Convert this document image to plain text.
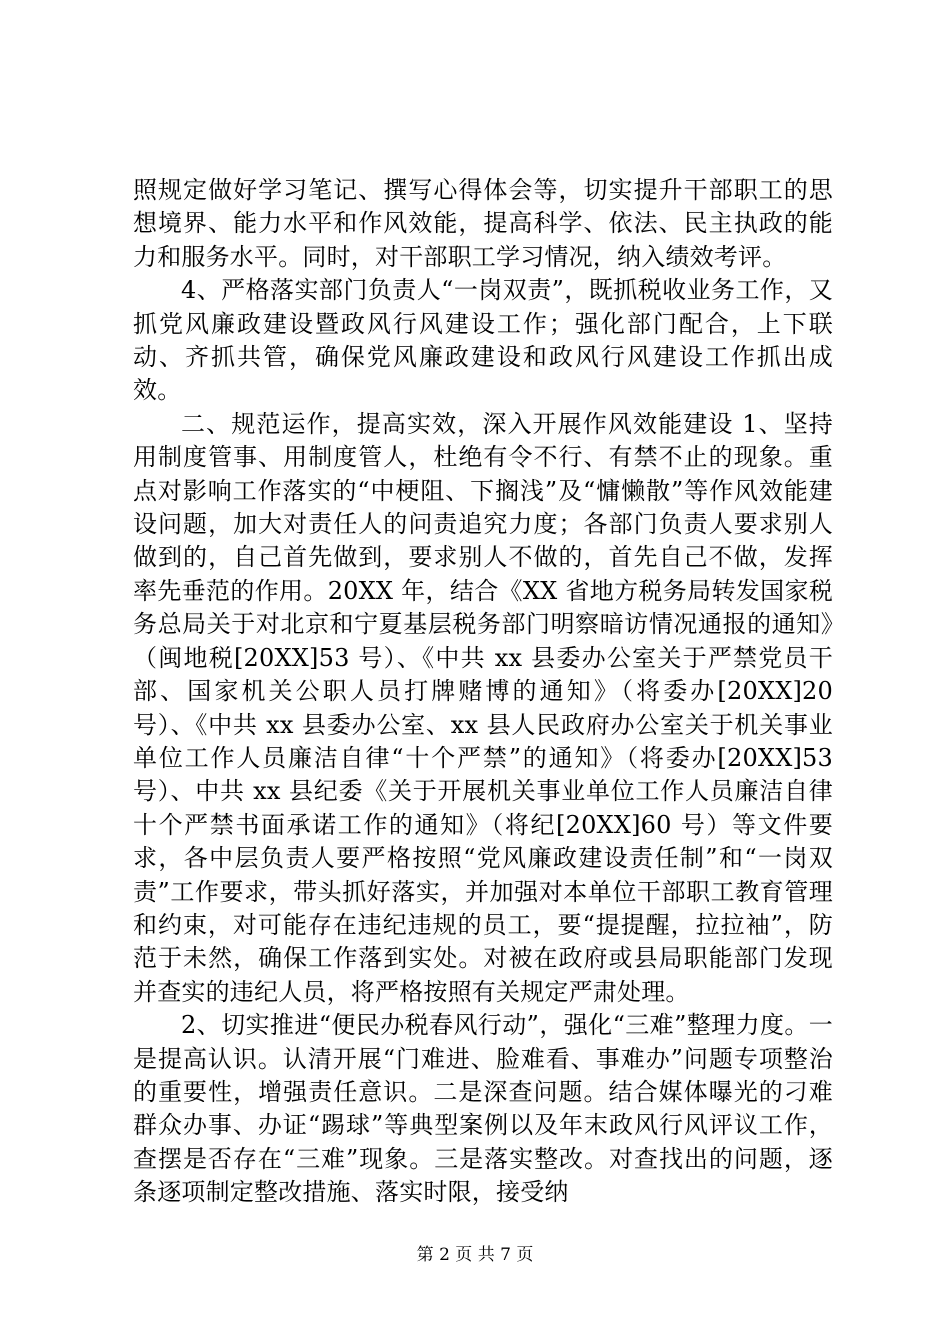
照规定做好学习笔记、撰写心得体会等，切实提升干部职工的思想境界、能力水平和作风效能，提高科学、依法、民主执政的能力和服务水平。同时，对干部职工学习情况，纳入绩效考评。

4、严格落实部门负责人“一岗双责”，既抓税收业务工作，又抓党风廉政建设暨政风行风建设工作；强化部门配合，上下联动、齐抓共管，确保党风廉政建设和政风行风建设工作抓出成效。

二、规范运作，提高实效，深入开展作风效能建设 1、坚持用制度管事、用制度管人，杜绝有令不行、有禁不止的现象。重点对影响工作落实的“中梗阻、下搁浅”及“慵懒散”等作风效能建设问题，加大对责任人的问责追究力度；各部门负责人要求别人做到的，自己首先做到，要求别人不做的，首先自己不做，发挥率先垂范的作用。20XX 年，结合《XX 省地方税务局转发国家税务总局关于对北京和宁夏基层税务部门明察暗访情况通报的通知》（闽地税[20XX]53 号）、《中共 xx 县委办公室关于严禁党员干部、国家机关公职人员打牌赌博的通知》（将委办[20XX]20 号）、《中共 xx 县委办公室、xx 县人民政府办公室关于机关事业单位工作人员廉洁自律“十个严禁”的通知》（将委办[20XX]53 号）、中共 xx 县纪委《关于开展机关事业单位工作人员廉洁自律十个严禁书面承诺工作的通知》（将纪[20XX]60 号）等文件要求，各中层负责人要严格按照“党风廉政建设责任制”和“一岗双责”工作要求，带头抓好落实，并加强对本单位干部职工教育管理和约束，对可能存在违纪违规的员工，要“提提醒，拉拉袖”，防范于未然，确保工作落到实处。对被在政府或县局职能部门发现并查实的违纪人员，将严格按照有关规定严肃处理。

2、切实推进“便民办税春风行动”，强化“三难”整理力度。一是提高认识。认清开展“门难进、脸难看、事难办”问题专项整治的重要性，增强责任意识。二是深查问题。结合媒体曝光的刁难群众办事、办证“踢球”等典型案例以及年末政风行风评议工作，查摆是否存在“三难”现象。三是落实整改。对查找出的问题，逐条逐项制定整改措施、落实时限，接受纳

第 2 页 共 7 页
